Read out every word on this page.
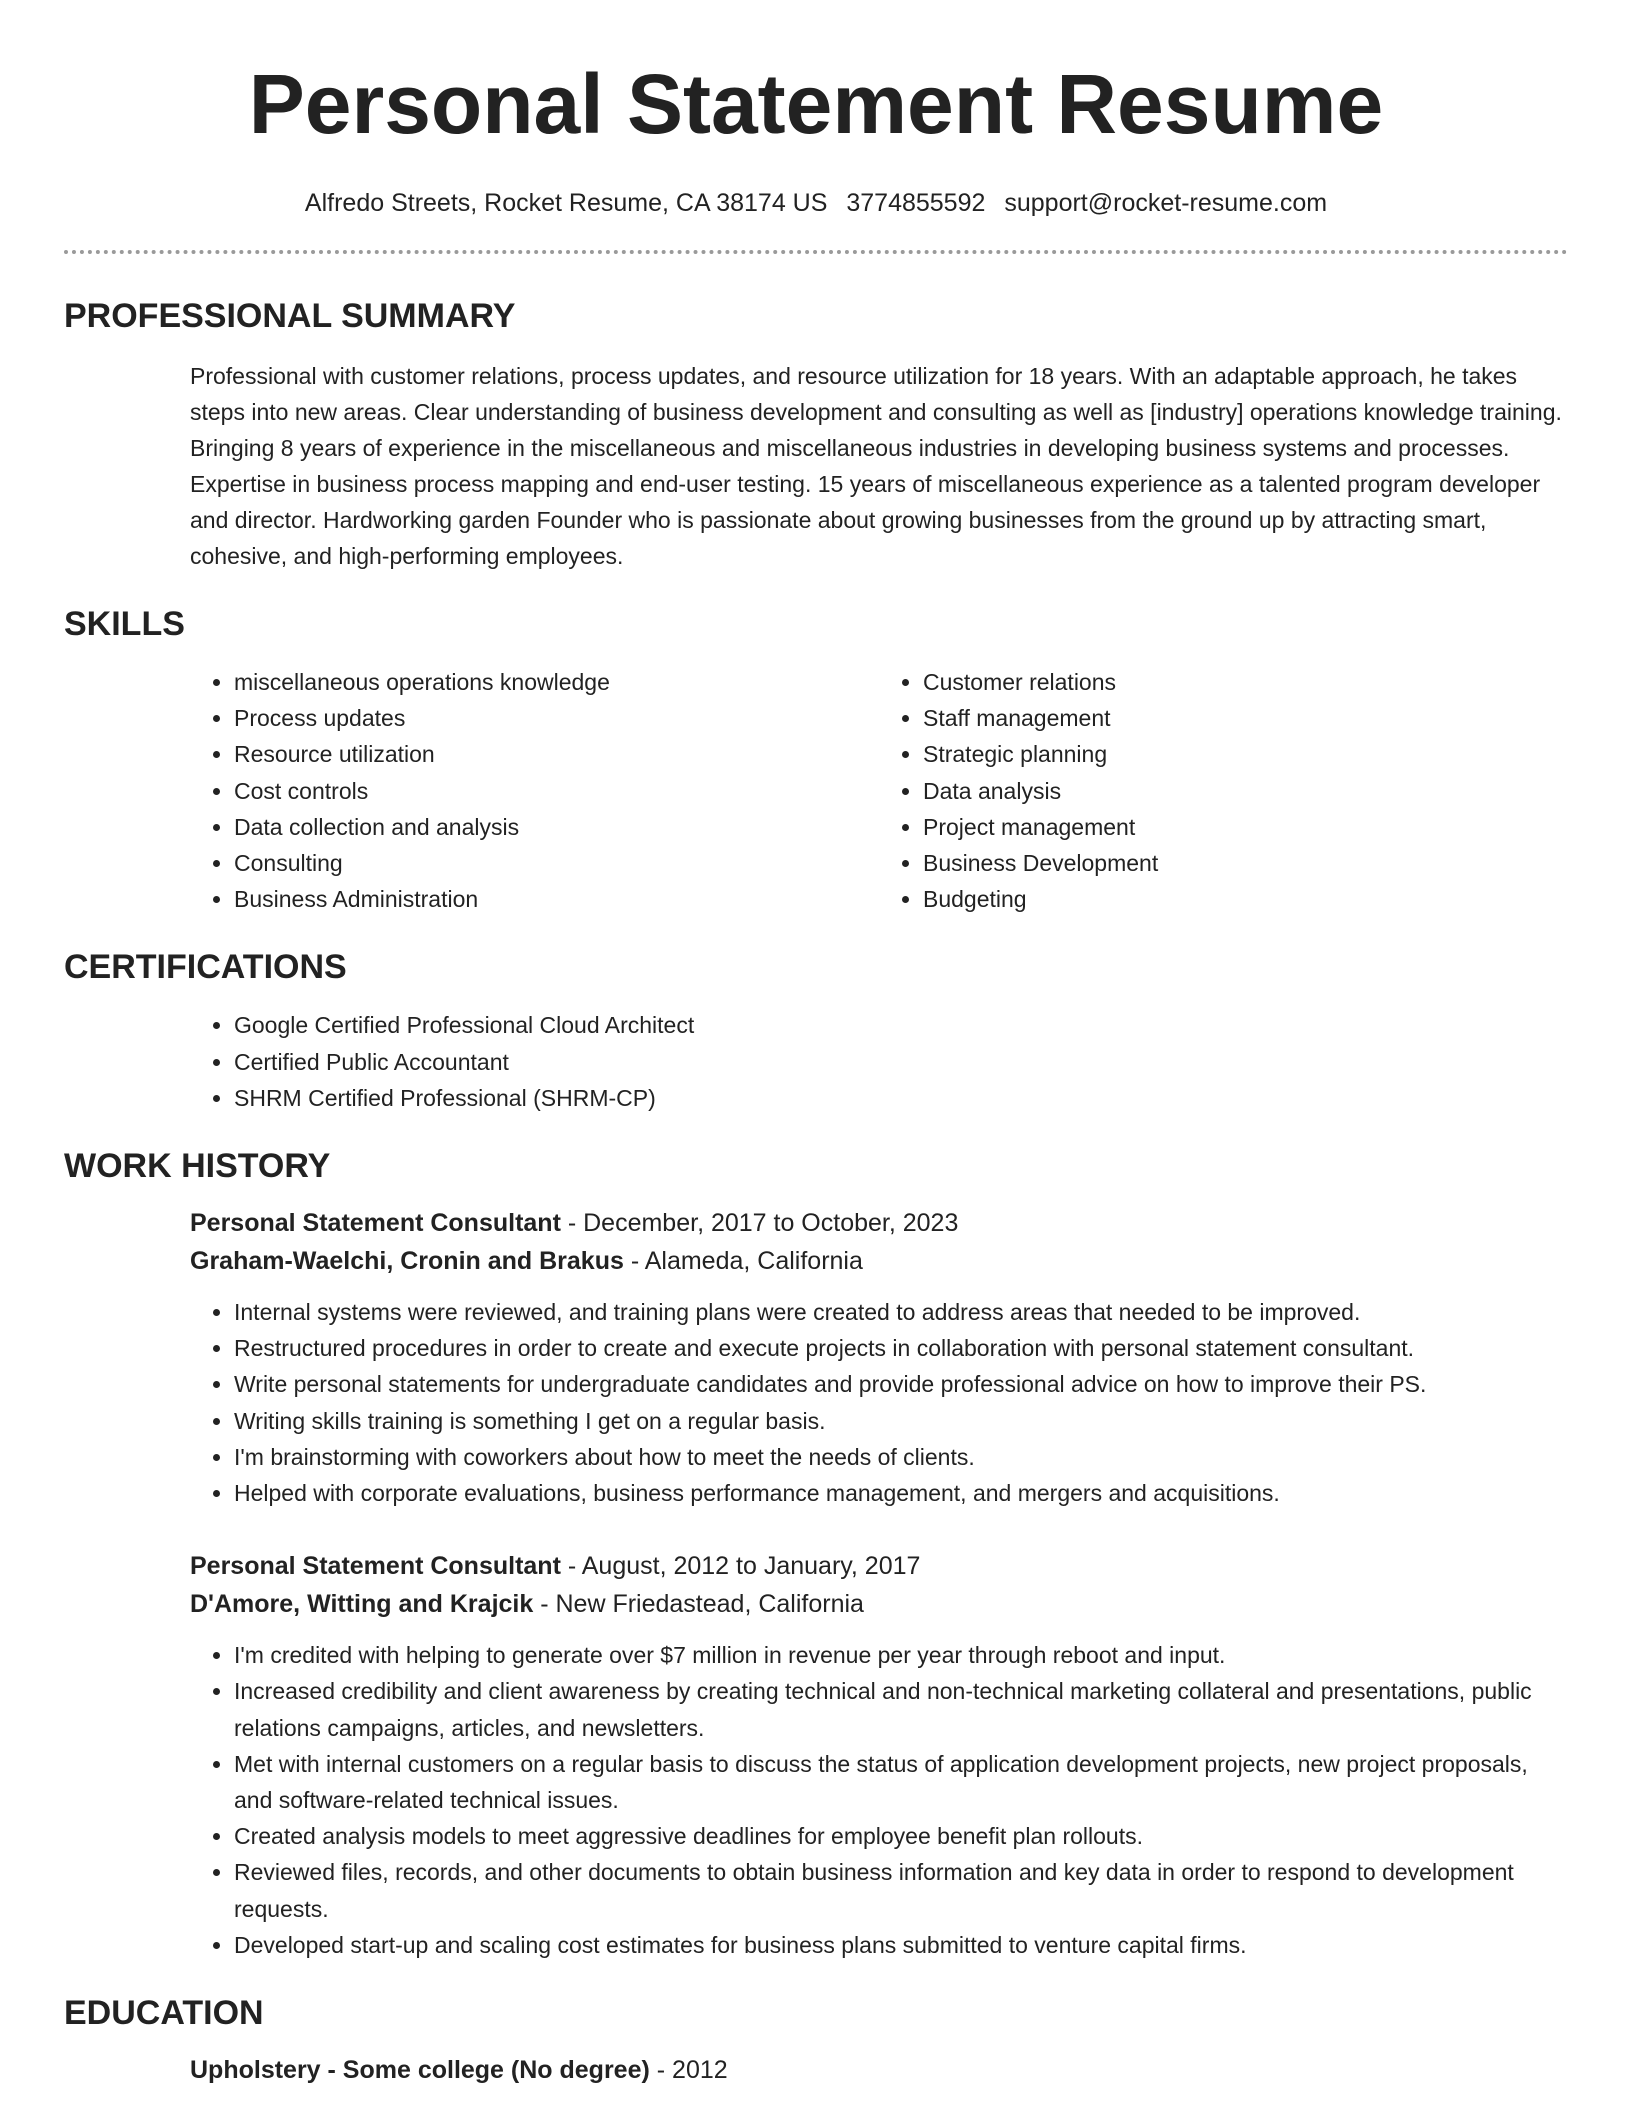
Personal Statement Resume
Alfredo Streets, Rocket Resume, CA 38174 US 3774855592 support@rocket-resume.com
PROFESSIONAL SUMMARY

Professional with customer relations, process updates, and resource utilization for 18 years. With an adaptable approach, he takes steps into new areas. Clear understanding of business development and consulting as well as [industry] operations knowledge training. Bringing 8 years of experience in the miscellaneous and miscellaneous industries in developing business systems and processes. Expertise in business process mapping and end-user testing. 15 years of miscellaneous experience as a talented program developer and director. Hardworking garden Founder who is passionate about growing businesses from the ground up by attracting smart, cohesive, and high-performing employees.

SKILLS
• miscellaneous operations knowledge
• Process updates
• Resource utilization
• Cost controls
• Data collection and analysis
• Consulting
• Business Administration
• Customer relations
• Staff management
• Strategic planning
• Data analysis
• Project management
• Business Development
• Budgeting
CERTIFICATIONS
• Google Certified Professional Cloud Architect
• Certified Public Accountant
• SHRM Certified Professional (SHRM-CP)
WORK HISTORY
Personal Statement Consultant - December, 2017 to October, 2023
Graham-Waelchi, Cronin and Brakus - Alameda, California
• Internal systems were reviewed, and training plans were created to address areas that needed to be improved.
• Restructured procedures in order to create and execute projects in collaboration with personal statement consultant.
• Write personal statements for undergraduate candidates and provide professional advice on how to improve their PS.
• Writing skills training is something I get on a regular basis.
• I'm brainstorming with coworkers about how to meet the needs of clients.
• Helped with corporate evaluations, business performance management, and mergers and acquisitions.
Personal Statement Consultant - August, 2012 to January, 2017
D'Amore, Witting and Krajcik - New Friedastead, California
• I'm credited with helping to generate over $7 million in revenue per year through reboot and input.
• Increased credibility and client awareness by creating technical and non-technical marketing collateral and presentations, public relations campaigns, articles, and newsletters.
• Met with internal customers on a regular basis to discuss the status of application development projects, new project proposals, and software-related technical issues.
• Created analysis models to meet aggressive deadlines for employee benefit plan rollouts.
• Reviewed files, records, and other documents to obtain business information and key data in order to respond to development requests.
• Developed start-up and scaling cost estimates for business plans submitted to venture capital firms.
EDUCATION
Upholstery - Some college (No degree) - 2012
